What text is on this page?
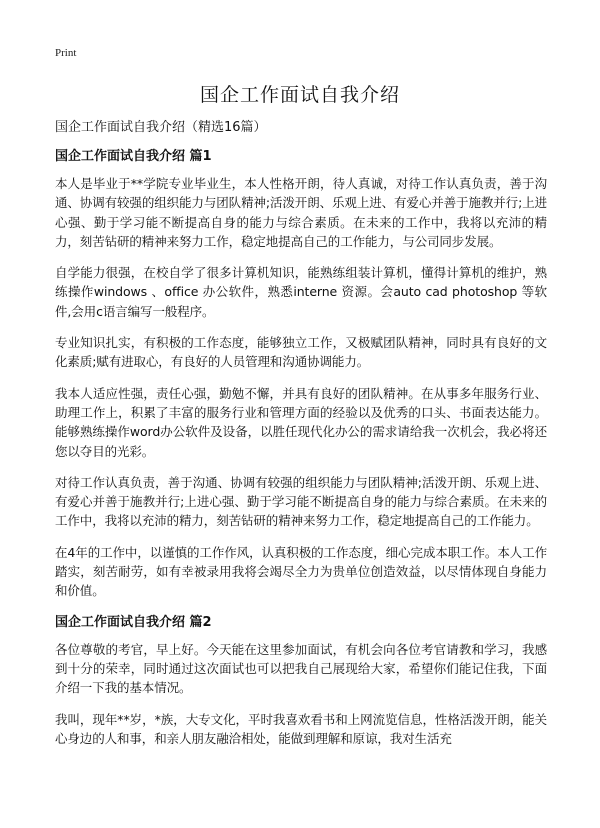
Print
国企工作面试自我介绍
国企工作面试自我介绍（精选16篇）
国企工作面试自我介绍 篇1

本人是毕业于**学院专业毕业生，本人性格开朗，待人真诚，对待工作认真负责，善于沟通、协调有较强的组织能力与团队精神;活泼开朗、乐观上进、有爱心并善于施教并行;上进心强、勤于学习能不断提高自身的能力与综合素质。在未来的工作中，我将以充沛的精力，刻苦钻研的精神来努力工作，稳定地提高自己的工作能力，与公司同步发展。

自学能力很强，在校自学了很多计算机知识，能熟练组装计算机，懂得计算机的维护，熟练操作windows 、office 办公软件，熟悉interne 资源。会auto cad photoshop 等软件,会用c语言编写一般程序。

专业知识扎实，有积极的工作态度，能够独立工作，又极赋团队精神，同时具有良好的文化素质;赋有进取心，有良好的人员管理和沟通协调能力。

我本人适应性强，责任心强，勤勉不懈，并具有良好的团队精神。在从事多年服务行业、助理工作上，积累了丰富的服务行业和管理方面的经验以及优秀的口头、书面表达能力。能够熟练操作word办公软件及设备，以胜任现代化办公的需求请给我一次机会，我必将还您以夺目的光彩。

对待工作认真负责，善于沟通、协调有较强的组织能力与团队精神;活泼开朗、乐观上进、有爱心并善于施教并行;上进心强、勤于学习能不断提高自身的能力与综合素质。在未来的工作中，我将以充沛的精力，刻苦钻研的精神来努力工作，稳定地提高自己的工作能力。

在4年的工作中，以谨慎的工作作风，认真积极的工作态度，细心完成本职工作。本人工作踏实，刻苦耐劳，如有幸被录用我将会竭尽全力为贵单位创造效益，以尽情体现自身能力和价值。

国企工作面试自我介绍 篇2

各位尊敬的考官，早上好。今天能在这里参加面试，有机会向各位考官请教和学习，我感到十分的荣幸，同时通过这次面试也可以把我自己展现给大家，希望你们能记住我，下面介绍一下我的基本情况。

我叫，现年**岁，*族，大专文化，平时我喜欢看书和上网流览信息，性格活泼开朗，能关心身边的人和事，和亲人朋友融洽相处，能做到理解和原谅，我对生活充
